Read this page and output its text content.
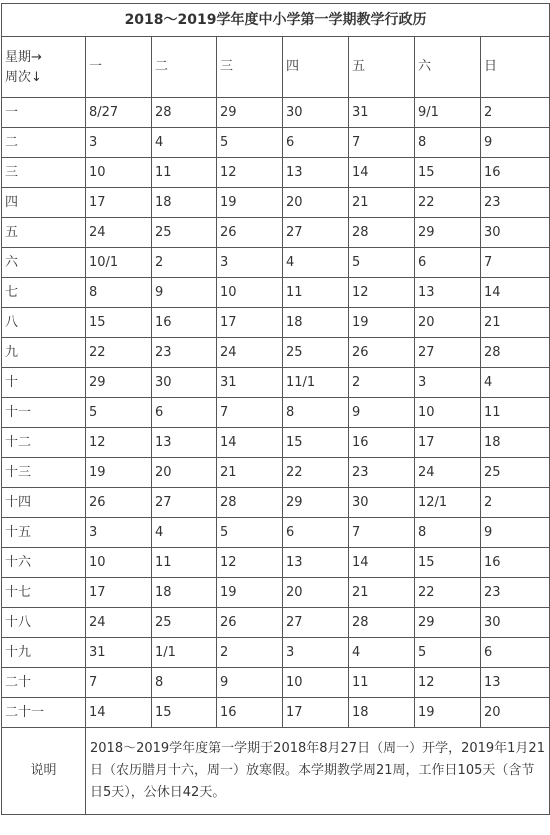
2018～2019学年度中小学第一学期教学行政历							

星期→
周次↓	一	二	三	四	五	六	日
一	8/27	28	29	30	31	9/1	2
二	3	4	5	6	7	8	9
三	10	11	12	13	14	15	16
四	17	18	19	20	21	22	23
五	24	25	26	27	28	29	30
六	10/1	2	3	4	5	6	7
七	8	9	10	11	12	13	14
八	15	16	17	18	19	20	21
九	22	23	24	25	26	27	28
十	29	30	31	11/1	2	3	4
十一	5	6	7	8	9	10	11
十二	12	13	14	15	16	17	18
十三	19	20	21	22	23	24	25
十四	26	27	28	29	30	12/1	2
十五	3	4	5	6	7	8	9
十六	10	11	12	13	14	15	16
十七	17	18	19	20	21	22	23
十八	24	25	26	27	28	29	30
十九	31	1/1	2	3	4	5	6
二十	7	8	9	10	11	12	13
二十一	14	15	16	17	18	19	20
说明	2018～2019学年度第一学期于2018年8月27日（周一）开学，2019年1月21日（农历腊月十六，周一）放寒假。本学期教学周21周，工作日105天（含节日5天），公休日42天。						
